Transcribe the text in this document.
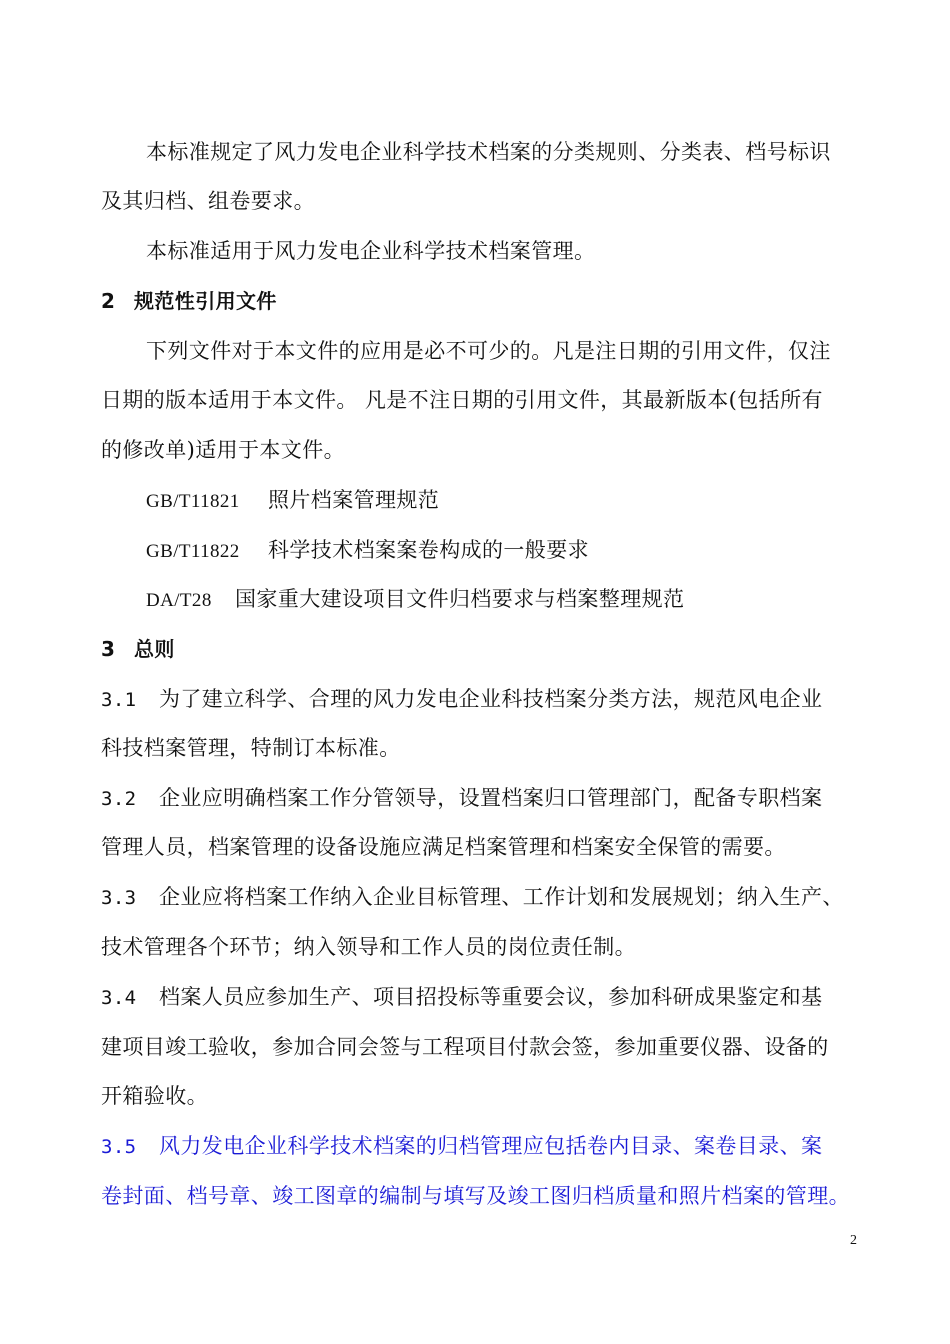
本标准规定了风力发电企业科学技术档案的分类规则、分类表、档号标识
及其归档、组卷要求。
本标准适用于风力发电企业科学技术档案管理。
2 规范性引用文件
下列文件对于本文件的应用是必不可少的。凡是注日期的引用文件，仅注
日期的版本适用于本文件。 凡是不注日期的引用文件，其最新版本(包括所有
的修改单)适用于本文件。
GB/T11821 照片档案管理规范
GB/T11822 科学技术档案案卷构成的一般要求
DA/T28 国家重大建设项目文件归档要求与档案整理规范
3 总则
3.1 为了建立科学、合理的风力发电企业科技档案分类方法，规范风电企业
科技档案管理，特制订本标准。
3.2 企业应明确档案工作分管领导，设置档案归口管理部门，配备专职档案
管理人员，档案管理的设备设施应满足档案管理和档案安全保管的需要。
3.3 企业应将档案工作纳入企业目标管理、工作计划和发展规划；纳入生产、
技术管理各个环节；纳入领导和工作人员的岗位责任制。
3.4 档案人员应参加生产、项目招投标等重要会议，参加科研成果鉴定和基
建项目竣工验收，参加合同会签与工程项目付款会签，参加重要仪器、设备的
开箱验收。
3.5 风力发电企业科学技术档案的归档管理应包括卷内目录、案卷目录、案
卷封面、档号章、竣工图章的编制与填写及竣工图归档质量和照片档案的管理。
2
